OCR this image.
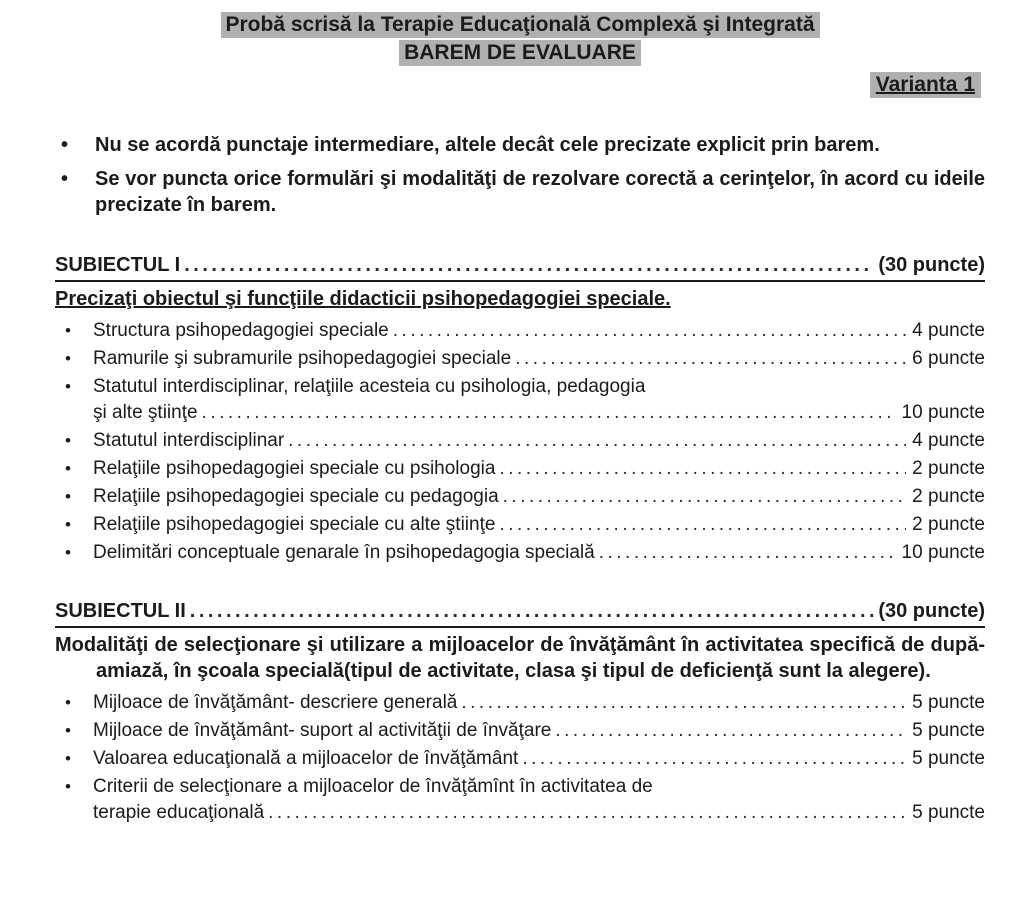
Probă scrisă la Terapie Educaţională Complexă şi Integrată
BAREM DE EVALUARE
Varianta 1
•	Nu se acordă punctaje intermediare, altele decât cele precizate explicit prin barem.
•	Se vor puncta orice formulări şi modalităţi de rezolvare corectă a cerinţelor, în acord cu ideile precizate în barem.
SUBIECTUL I .....	(30 puncte)
Precizaţi obiectul şi funcţiile didacticii psihopedagogiei speciale.
•	Structura psihopedagogiei speciale .....	4 puncte
•	Ramurile şi subramurile psihopedagogiei speciale .....	6 puncte
•	Statutul interdisciplinar, relaţiile acesteia cu psihologia, pedagogia
şi alte ştiinţe .....	10 puncte
•	Statutul interdisciplinar .....	4 puncte
•	Relaţiile psihopedagogiei speciale cu psihologia .....	2 puncte
•	Relaţiile psihopedagogiei speciale cu pedagogia .....	2 puncte
•	Relaţiile psihopedagogiei speciale cu alte ştiinţe .....	2 puncte
•	Delimitări conceptuale genarale în psihopedagogia specială .....	10 puncte
SUBIECTUL II .....	(30 puncte)
Modalităţi de selecţionare şi utilizare a mijloacelor de învăţământ în activitatea specifică de după-amiază, în şcoala specială(tipul de activitate, clasa şi tipul de deficienţă sunt la alegere).
•	Mijloace de învăţământ- descriere generală .....	5 puncte
•	Mijloace de învăţământ- suport al activităţii de învăţare .....	5 puncte
•	Valoarea educaţională a mijloacelor de învăţământ .....	5 puncte
•	Criterii de selecţionare a mijloacelor de învăţămînt în activitatea de
terapie educaţională .....	5 puncte
